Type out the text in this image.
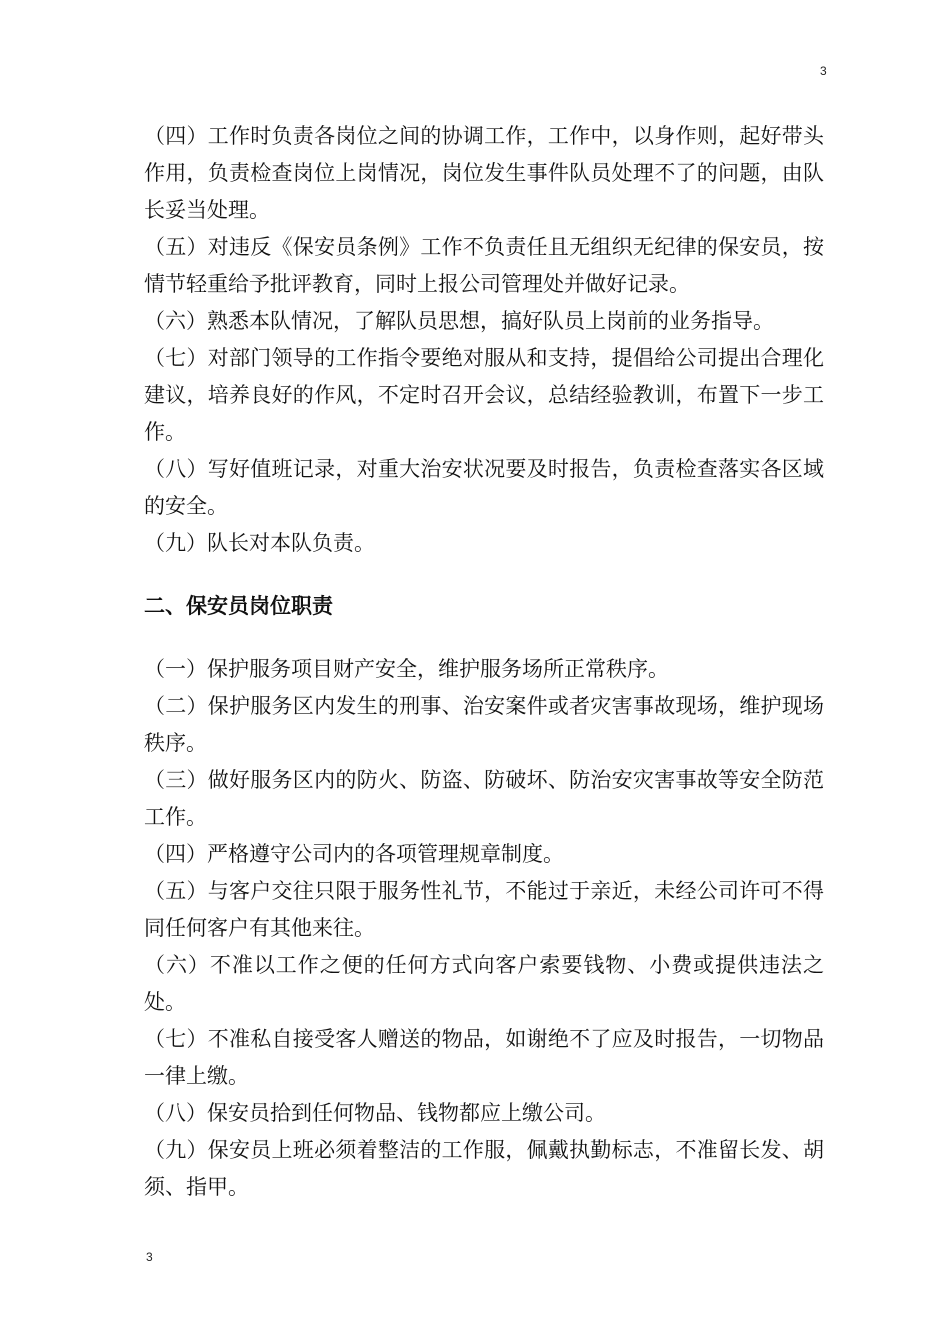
3

（四）工作时负责各岗位之间的协调工作，工作中，以身作则，起好带头作用，负责检查岗位上岗情况，岗位发生事件队员处理不了的问题，由队长妥当处理。

（五）对违反《保安员条例》工作不负责任且无组织无纪律的保安员，按情节轻重给予批评教育，同时上报公司管理处并做好记录。

（六）熟悉本队情况，了解队员思想，搞好队员上岗前的业务指导。

（七）对部门领导的工作指令要绝对服从和支持，提倡给公司提出合理化建议，培养良好的作风，不定时召开会议，总结经验教训，布置下一步工作。

（八）写好值班记录，对重大治安状况要及时报告，负责检查落实各区域的安全。

（九）队长对本队负责。

二、保安员岗位职责

（一）保护服务项目财产安全，维护服务场所正常秩序。

（二）保护服务区内发生的刑事、治安案件或者灾害事故现场，维护现场秩序。

（三）做好服务区内的防火、防盗、防破坏、防治安灾害事故等安全防范工作。

（四）严格遵守公司内的各项管理规章制度。

（五）与客户交往只限于服务性礼节，不能过于亲近，未经公司许可不得同任何客户有其他来往。

（六）不准以工作之便的任何方式向客户索要钱物、小费或提供违法之处。

（七）不准私自接受客人赠送的物品，如谢绝不了应及时报告，一切物品一律上缴。

（八）保安员拾到任何物品、钱物都应上缴公司。

（九）保安员上班必须着整洁的工作服，佩戴执勤标志，不准留长发、胡须、指甲。

3
